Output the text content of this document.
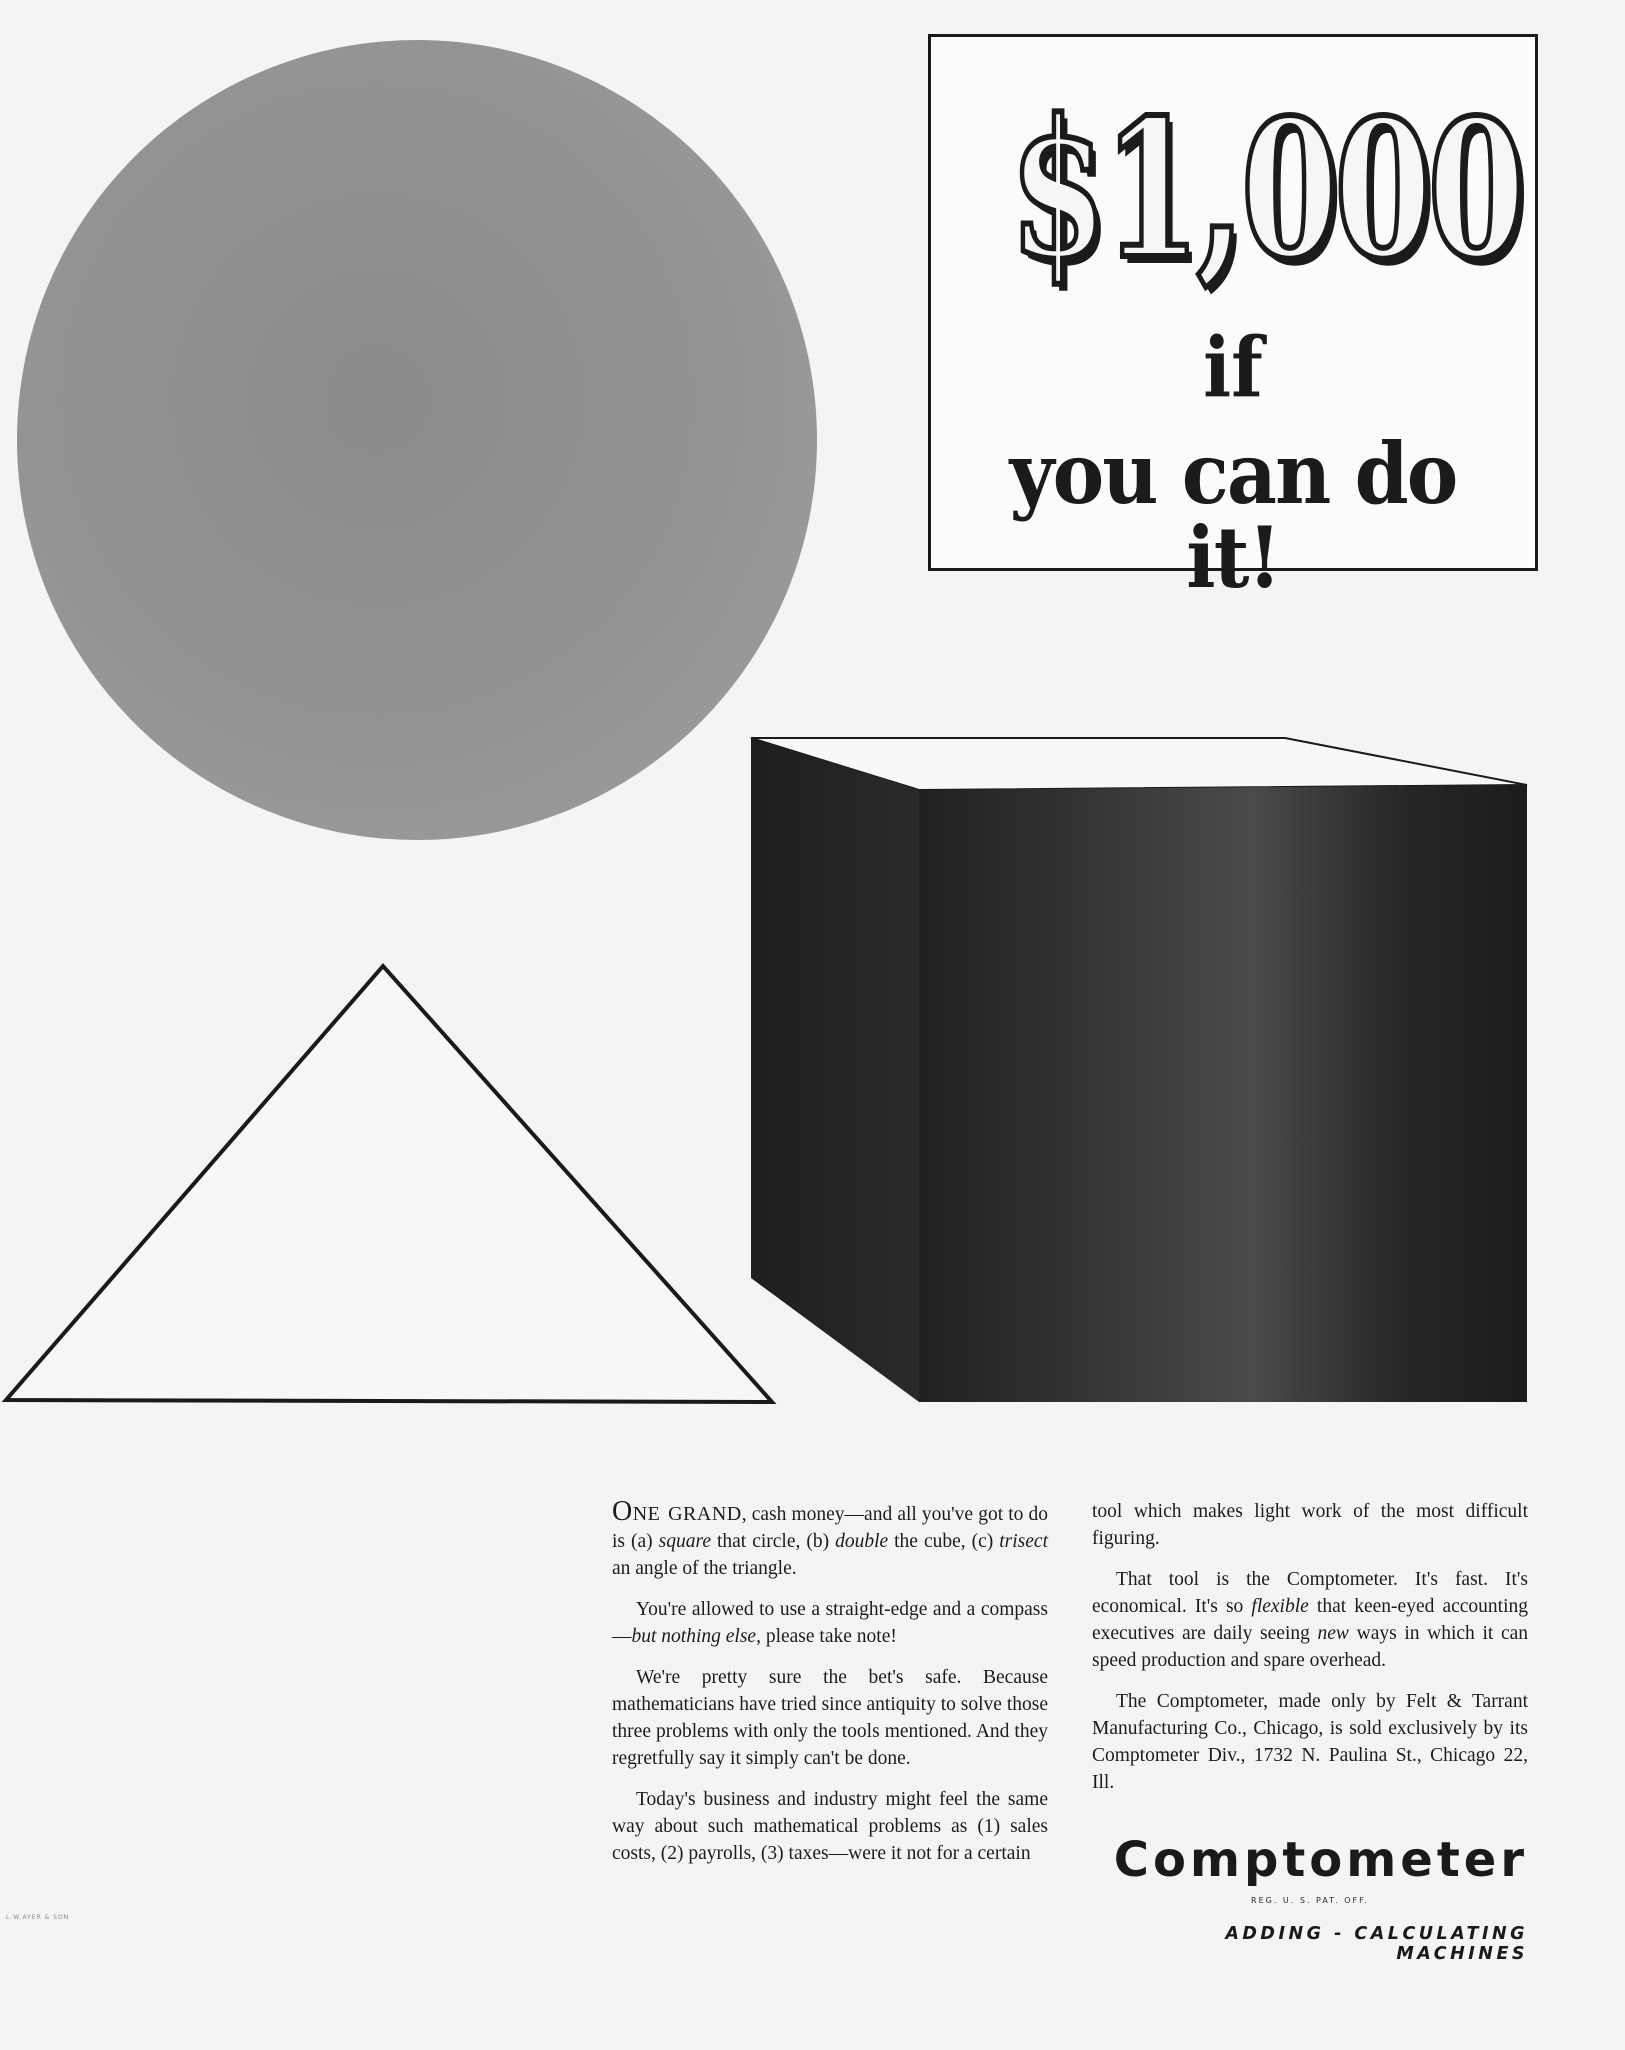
$1,000
if
you can do it!

One grand, cash money—and all you've got to do is (a) square that circle, (b) double the cube, (c) trisect an angle of the triangle.

You're allowed to use a straight-edge and a compass—but nothing else, please take note!

We're pretty sure the bet's safe. Because mathematicians have tried since antiquity to solve those three problems with only the tools mentioned. And they regretfully say it simply can't be done.

Today's business and industry might feel the same way about such mathematical problems as (1) sales costs, (2) payrolls, (3) taxes—were it not for a certain

tool which makes light work of the most difficult figuring.

That tool is the Comptometer. It's fast. It's economical. It's so flexible that keen-eyed accounting executives are daily seeing new ways in which it can speed production and spare overhead.

The Comptometer, made only by Felt & Tarrant Manufacturing Co., Chicago, is sold exclusively by its Comptometer Div., 1732 N. Paulina St., Chicago 22, Ill.

Comptometer
REG. U. S. PAT. OFF.
ADDING - CALCULATING MACHINES
L.W.AYER & SON
